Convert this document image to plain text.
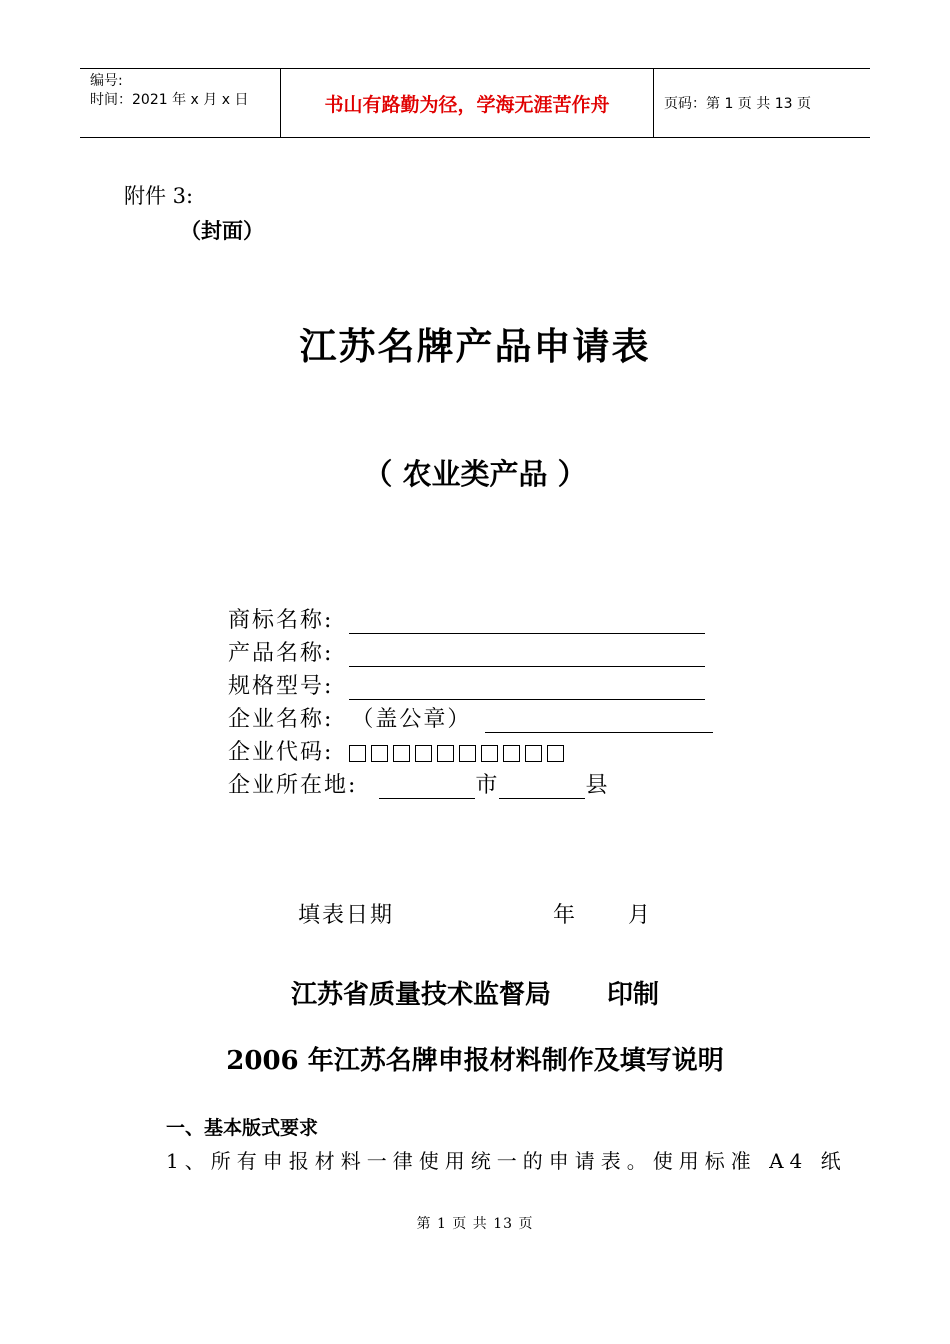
编号:
时间：2021 年 x 月 x 日	书山有路勤为径，学海无涯苦作舟	页码：第 1 页 共 13 页
附件 3:
（封面）
江苏名牌产品申请表
（ 农业类产品 ）
商标名称:
产品名称:
规格型号:
企业名称: （盖公章）
企业代码:
企业所在地:	市	县
填表日期	年 月
江苏省质量技术监督局 印制
2006 年江苏名牌申报材料制作及填写说明
一、基本版式要求
1、所有申报材料一律使用统一的申请表。使用标准 A4 纸
第 1 页 共 13 页
